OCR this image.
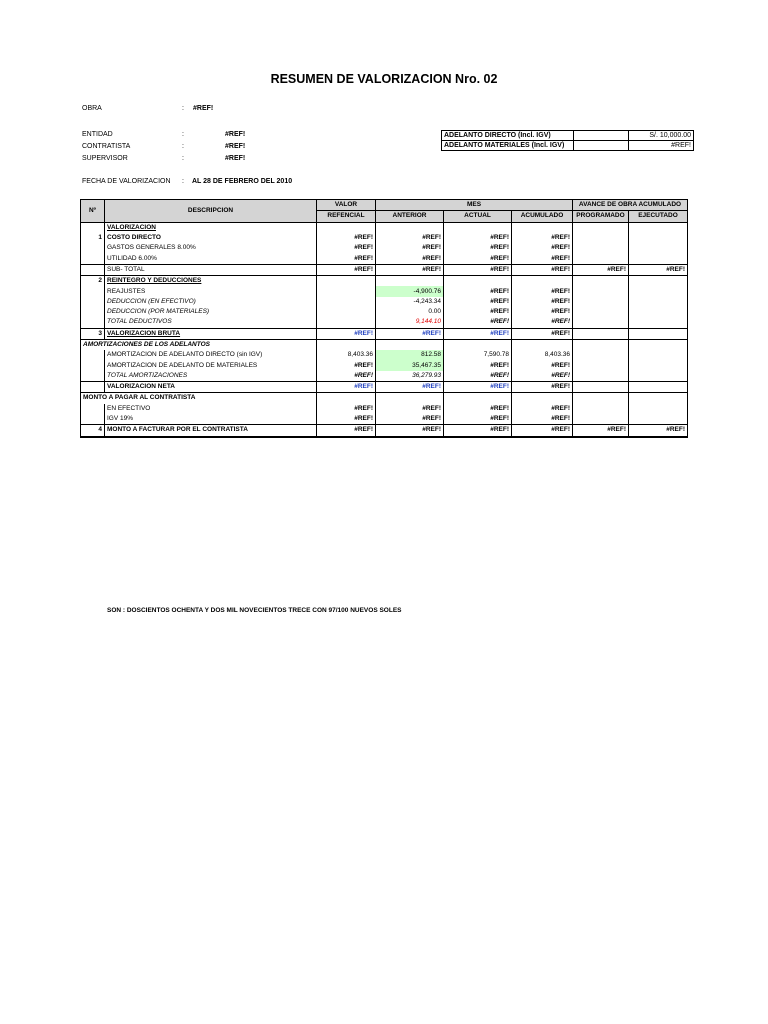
RESUMEN DE VALORIZACION Nro. 02
OBRA	: #REF!
ENTIDAD	:	#REF!
CONTRATISTA	:	#REF!
SUPERVISOR	:	#REF!
FECHA DE VALORIZACION : AL 28 DE FEBRERO DEL 2010
ADELANTO DIRECTO (Incl. IGV)		S/. 10,000.00
ADELANTO MATERIALES (Incl. IGV)		#REF!
Nº	DESCRIPCION	VALOR	MES			AVANCE DE OBRA ACUMULADO	
		REFENCIAL	ANTERIOR	ACTUAL	ACUMULADO	PROGRAMADO	EJECUTADO
	VALORIZACION						
1	COSTO DIRECTO	#REF!	#REF!	#REF!	#REF!		
	GASTOS GENERALES 8.00%	#REF!	#REF!	#REF!	#REF!		
	UTILIDAD 6.00%	#REF!	#REF!	#REF!	#REF!		
	SUB- TOTAL	#REF!	#REF!	#REF!	#REF!	#REF!	#REF!
2	REINTEGRO Y DEDUCCIONES						
	REAJUSTES		-4,900.76	#REF!	#REF!		
	DEDUCCION (EN EFECTIVO)		-4,243.34	#REF!	#REF!		
	DEDUCCION (POR MATERIALES)		0.00	#REF!	#REF!		
	TOTAL DEDUCTIVOS		9,144.10	#REF!	#REF!		
3	VALORIZACION BRUTA	#REF!	#REF!	#REF!	#REF!		
AMORTIZACIONES DE LOS ADELANTOS							
	AMORTIZACION DE ADELANTO DIRECTO (sin IGV)	8,403.36	812.58	7,590.78	8,403.36		
	AMORTIZACION DE ADELANTO DE MATERIALES	#REF!	35,467.35	#REF!	#REF!		
	TOTAL AMORTIZACIONES	#REF!	36,279.93	#REF!	#REF!		
	VALORIZACION NETA	#REF!	#REF!	#REF!	#REF!		
MONTO A PAGAR AL CONTRATISTA							
	EN EFECTIVO	#REF!	#REF!	#REF!	#REF!		
	IGV 19%	#REF!	#REF!	#REF!	#REF!		
4	MONTO A FACTURAR POR EL CONTRATISTA	#REF!	#REF!	#REF!	#REF!	#REF!	#REF!
SON : DOSCIENTOS OCHENTA Y DOS MIL NOVECIENTOS TRECE CON 97/100 NUEVOS SOLES
